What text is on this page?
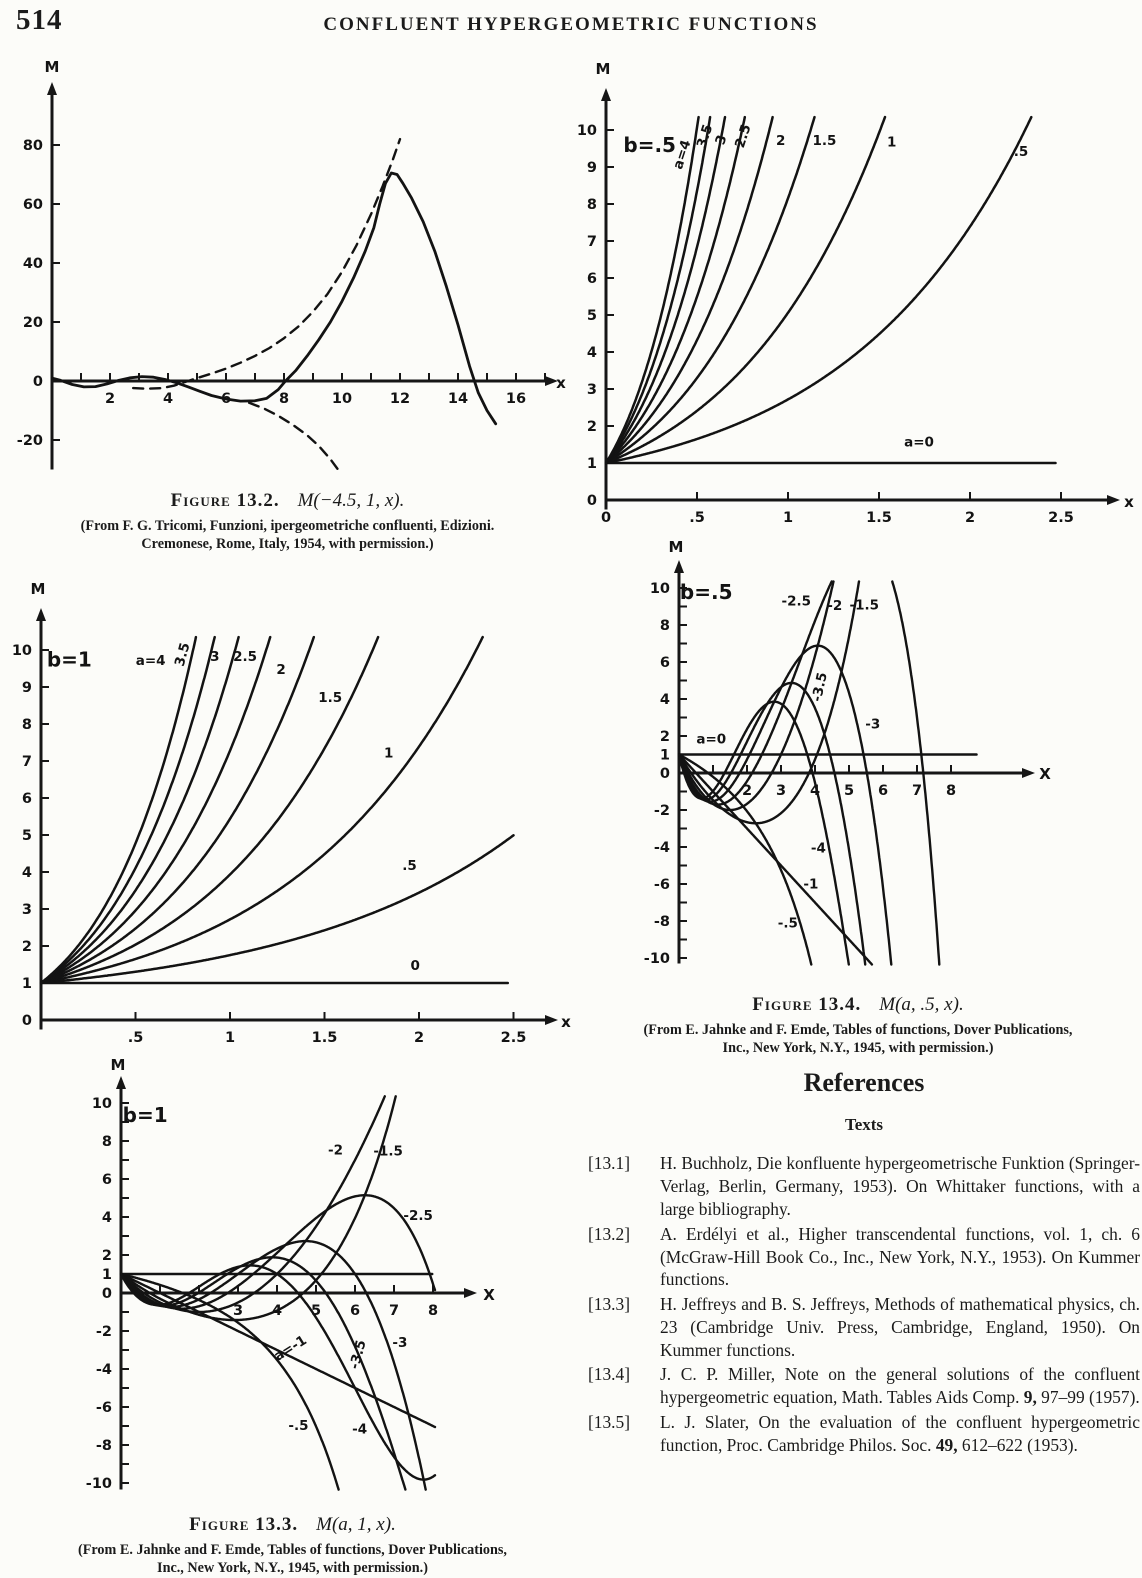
514	CONFLUENT HYPERGEOMETRIC FUNCTIONS
2	4	6	8	10	12	14	16
-20
0
20
40
60
80
M
x
0	.5	1	1.5	2	2.5
0
1
2
3
4
5
6
7
8
9
10
M
x
b=.5
a=4
3.5
3 2.5 2 1.5	1
.5
a=0
.5	1	1.5	2	2.5
0
1
2
3
4
5
6
7
8
9
10
M
x
b=1	a=4 3.5 3 2.5
2
1.5
1
.5
0
2 3 4 5 6 7 8
-10
-8
-6
-4
-2
0
1
2
4
6
8
10
M
X
b=.5	-2.5 -2 -1.5
-3.5
-3
-4
-1
-.5
a=0
3 4 5 6 7 8
-10
-8
-6
-4
-2
0
1
2
4
6
8
10
M
X
b=1
-2 -1.5
-2.5
a=-1	-3.5 -3
-.5	-4
Figure 13.2. M(−4.5, 1, x).
(From F. G. Tricomi, Funzioni, ipergeometriche confluenti, Edizioni.
Cremonese, Rome, Italy, 1954, with permission.)
Figure 13.4. M(a, .5, x).
(From E. Jahnke and F. Emde, Tables of functions, Dover Publications,
Inc., New York, N.Y., 1945, with permission.)
Figure 13.3. M(a, 1, x).
(From E. Jahnke and F. Emde, Tables of functions, Dover Publications,
Inc., New York, N.Y., 1945, with permission.)
References
Texts
[13.1] H. Buchholz, Die konfluente hypergeometrische Funktion (Springer-Verlag, Berlin, Germany, 1953). On Whittaker functions, with a large bibliography.
[13.2] A. Erdélyi et al., Higher transcendental functions, vol. 1, ch. 6 (McGraw-Hill Book Co., Inc., New York, N.Y., 1953). On Kummer functions.
[13.3] H. Jeffreys and B. S. Jeffreys, Methods of mathematical physics, ch. 23 (Cambridge Univ. Press, Cambridge, England, 1950). On Kummer functions.
[13.4] J. C. P. Miller, Note on the general solutions of the confluent hypergeometric equation, Math. Tables Aids Comp. 9, 97–99 (1957).
[13.5] L. J. Slater, On the evaluation of the confluent hypergeometric function, Proc. Cambridge Philos. Soc. 49, 612–622 (1953).
